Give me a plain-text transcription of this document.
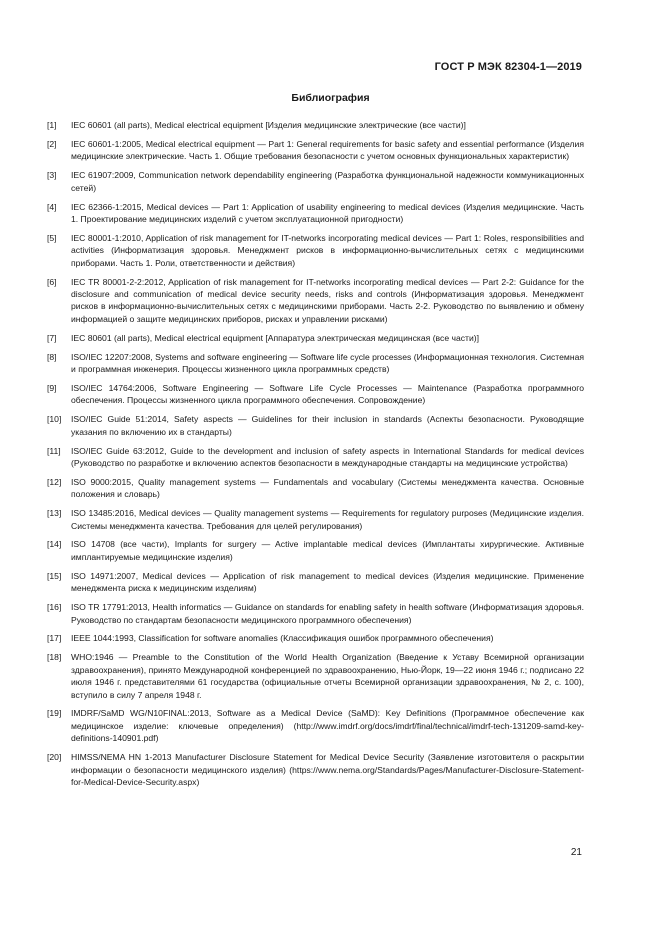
ГОСТ Р МЭК 82304-1—2019
Библиография
[1]	IEC 60601 (all parts), Medical electrical equipment [Изделия медицинские электрические (все части)]
[2]	IEC 60601-1:2005, Medical electrical equipment — Part 1: General requirements for basic safety and essential performance (Изделия медицинские электрические. Часть 1. Общие требования безопасности с учетом основных функциональных характеристик)
[3]	IEC 61907:2009, Communication network dependability engineering (Разработка функциональной надежности коммуникационных сетей)
[4]	IEC 62366-1:2015, Medical devices — Part 1: Application of usability engineering to medical devices (Изделия медицинские. Часть 1. Проектирование медицинских изделий с учетом эксплуатационной пригодности)
[5]	IEC 80001-1:2010, Application of risk management for IT-networks incorporating medical devices — Part 1: Roles, responsibilities and activities (Информатизация здоровья. Менеджмент рисков в информационно-вычислительных сетях с медицинскими приборами. Часть 1. Роли, ответственности и действия)
[6]	IEC TR 80001-2-2:2012, Application of risk management for IT-networks incorporating medical devices — Part 2-2: Guidance for the disclosure and communication of medical device security needs, risks and controls (Информатизация здоровья. Менеджмент рисков в информационно-вычислительных сетях с медицинскими приборами. Часть 2-2. Руководство по выявлению и обмену информацией о защите медицинских приборов, рисках и управлении рисками)
[7]	IEC 80601 (all parts), Medical electrical equipment [Аппаратура электрическая медицинская (все части)]
[8]	ISO/IEC 12207:2008, Systems and software engineering — Software life cycle processes (Информационная технология. Системная и программная инженерия. Процессы жизненного цикла программных средств)
[9]	ISO/IEC 14764:2006, Software Engineering — Software Life Cycle Processes — Maintenance (Разработка программного обеспечения. Процессы жизненного цикла программного обеспечения. Сопровождение)
[10]	ISO/IEC Guide 51:2014, Safety aspects — Guidelines for their inclusion in standards (Аспекты безопасности. Руководящие указания по включению их в стандарты)
[11]	ISO/IEC Guide 63:2012, Guide to the development and inclusion of safety aspects in International Standards for medical devices (Руководство по разработке и включению аспектов безопасности в международные стандарты на медицинские устройства)
[12]	ISO 9000:2015, Quality management systems — Fundamentals and vocabulary (Системы менеджмента качества. Основные положения и словарь)
[13]	ISO 13485:2016, Medical devices — Quality management systems — Requirements for regulatory purposes (Медицинские изделия. Системы менеджмента качества. Требования для целей регулирования)
[14]	ISO 14708 (все части), Implants for surgery — Active implantable medical devices (Имплантаты хирургические. Активные имплантируемые медицинские изделия)
[15]	ISO 14971:2007, Medical devices — Application of risk management to medical devices (Изделия медицинские. Применение менеджмента риска к медицинским изделиям)
[16]	ISO TR 17791:2013, Health informatics — Guidance on standards for enabling safety in health software (Информатизация здоровья. Руководство по стандартам безопасности медицинского программного обеспечения)
[17]	IEEE 1044:1993, Classification for software anomalies (Классификация ошибок программного обеспечения)
[18]	WHO:1946 — Preamble to the Constitution of the World Health Organization (Введение к Уставу Всемирной организации здравоохранения), принято Международной конференцией по здравоохранению, Нью-Йорк, 19—22 июня 1946 г.; подписано 22 июля 1946 г. представителями 61 государства (официальные отчеты Всемирной организации здравоохранения, № 2, с. 100), вступило в силу 7 апреля 1948 г.
[19]	IMDRF/SaMD WG/N10FINAL:2013, Software as a Medical Device (SaMD): Key Definitions (Программное обеспечение как медицинское изделие: ключевые определения) (http://www.imdrf.org/docs/imdrf/final/technical/imdrf-tech-131209-samd-key-definitions-140901.pdf)
[20]	HIMSS/NEMA HN 1-2013 Manufacturer Disclosure Statement for Medical Device Security (Заявление изготовителя о раскрытии информации о безопасности медицинского изделия) (https://www.nema.org/Standards/Pages/Manufacturer-Disclosure-Statement- for-Medical-Device-Security.aspx)
21
